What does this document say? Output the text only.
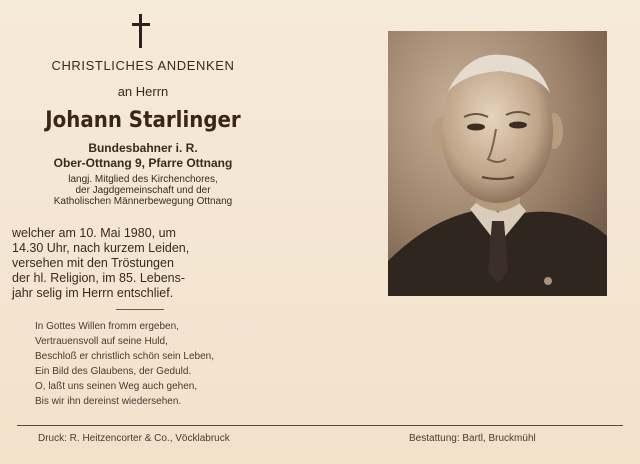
CHRISTLICHES ANDENKEN
an Herrn
Johann Starlinger
Bundesbahner i. R.
Ober-Ottnang 9, Pfarre Ottnang
langj. Mitglied des Kirchenchores,
der Jagdgemeinschaft und der
Katholischen Männerbewegung Ottnang
welcher am 10. Mai 1980, um
14.30 Uhr, nach kurzem Leiden,
versehen mit den Tröstungen
der hl. Religion, im 85. Lebens-
jahr selig im Herrn entschlief.
In Gottes Willen fromm ergeben,
Vertrauensvoll auf seine Huld,
Beschloß er christlich schön sein Leben,
Ein Bild des Glaubens, der Geduld.
O, laßt uns seinen Weg auch gehen,
Bis wir ihn dereinst wiedersehen.
Druck: R. Heitzencorter & Co., Vöcklabruck	Bestattung: Bartl, Bruckmühl
